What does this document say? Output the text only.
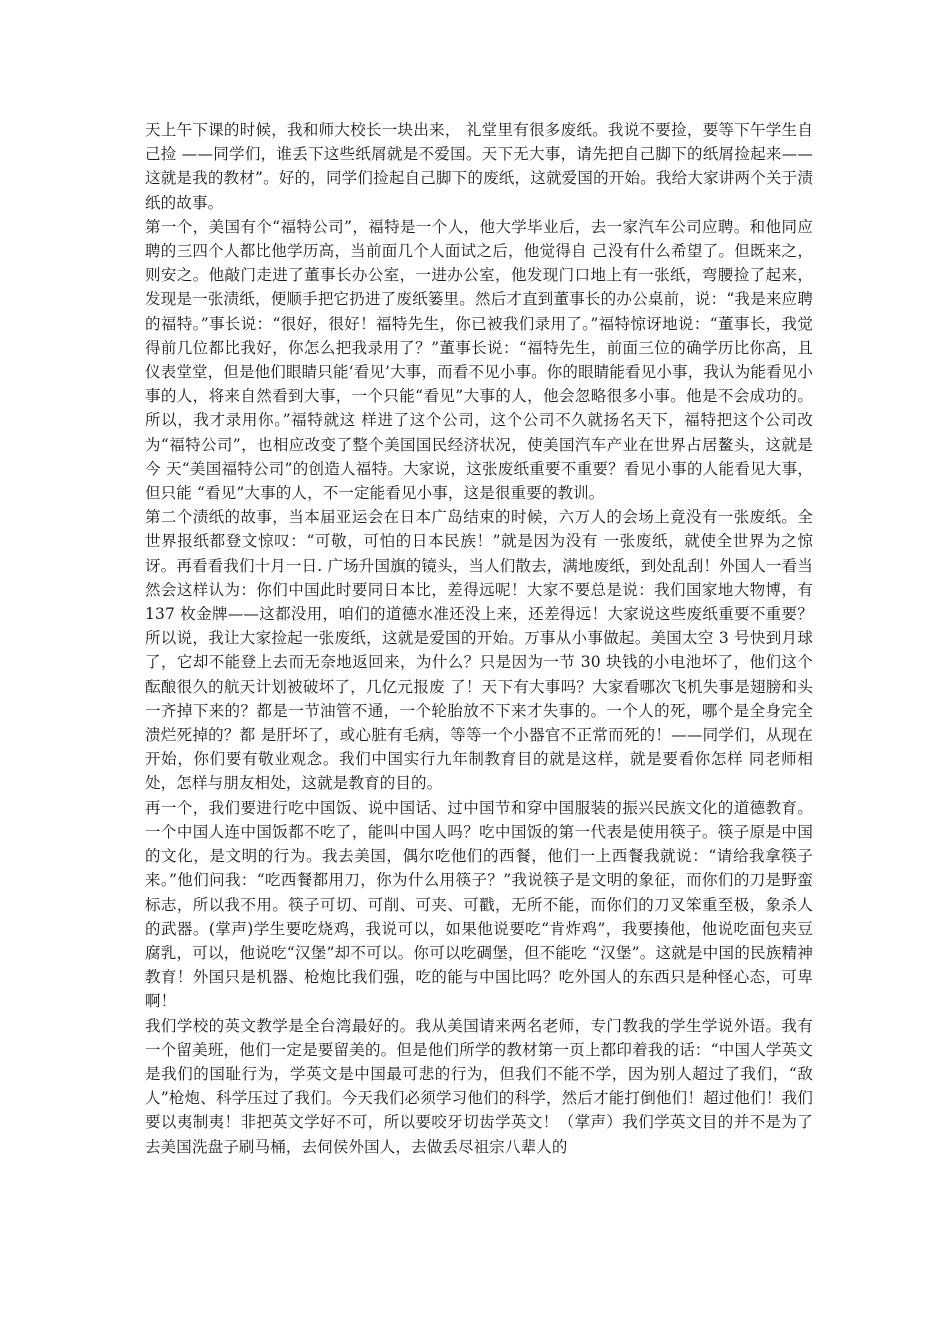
天上午下课的时候，我和师大校长一块出来， 礼堂里有很多废纸。我说不要捡，要等下午学生自己捡 ——同学们，谁丢下这些纸屑就是不爱国。天下无大事，请先把自己脚下的纸屑捡起来——这就是我的教材”。好的，同学们捡起自己脚下的废纸，这就爱国的开始。我给大家讲两个关于渍纸的故事。

第一个，美国有个“福特公司”，福特是一个人，他大学毕业后，去一家汽车公司应聘。和他同应聘的三四个人都比他学历高，当前面几个人面试之后，他觉得自 己没有什么希望了。但既来之，则安之。他敲门走进了董事长办公室，一进办公室，他发现门口地上有一张纸，弯腰捡了起来，发现是一张渍纸，便顺手把它扔进了废纸篓里。然后才直到董事长的办公桌前，说：“我是来应聘的福特。”事长说：“很好，很好！福特先生，你已被我们录用了。”福特惊讶地说：“董事长，我觉 得前几位都比我好，你怎么把我录用了？”董事长说：“福特先生，前面三位的确学历比你高，且仪表堂堂，但是他们眼睛只能‘看见’大事，而看不见小事。你的眼睛能看见小事，我认为能看见小事的人，将来自然看到大事，一个只能“看见”大事的人，他会忽略很多小事。他是不会成功的。所以，我才录用你。”福特就这 样进了这个公司，这个公司不久就扬名天下，福特把这个公司改为“福特公司”，也相应改变了整个美国国民经济状况，使美国汽车产业在世界占居鳌头，这就是今 天“美国福特公司”的创造人福特。大家说，这张废纸重要不重要？看见小事的人能看见大事，但只能 “看见”大事的人，不一定能看见小事，这是很重要的教训。

第二个渍纸的故事，当本届亚运会在日本广岛结束的时候，六万人的会场上竟没有一张废纸。全世界报纸都登文惊叹：“可敬，可怕的日本民族！”就是因为没有 一张废纸，就使全世界为之惊讶。再看看我们十月一日. 广场升国旗的镜头，当人们散去，满地废纸，到处乱刮！外国人一看当然会这样认为：你们中国此时要同日本比，差得远呢！大家不要总是说：我们国家地大物博，有 137 枚金牌——这都没用，咱们的道德水准还没上来，还差得远！大家说这些废纸重要不重要？所以说，我让大家捡起一张废纸，这就是爱国的开始。万事从小事做起。美国太空 3 号快到月球了，它却不能登上去而无奈地返回来，为什么？只是因为一节 30 块钱的小电池坏了，他们这个酝酿很久的航天计划被破坏了，几亿元报废 了！天下有大事吗？大家看哪次飞机失事是翅膀和头一齐掉下来的？都是一节油管不通，一个轮胎放不下来才失事的。一个人的死，哪个是全身完全溃烂死掉的？都 是肝坏了，或心脏有毛病，等等一个小器官不正常而死的！——同学们，从现在开始，你们要有敬业观念。我们中国实行九年制教育目的就是这样，就是要看你怎样 同老师相处，怎样与朋友相处，这就是教育的目的。

再一个，我们要进行吃中国饭、说中国话、过中国节和穿中国服装的振兴民族文化的道德教育。一个中国人连中国饭都不吃了，能叫中国人吗？吃中国饭的第一代表是使用筷子。筷子原是中国的文化，是文明的行为。我去美国，偶尔吃他们的西餐，他们一上西餐我就说：“请给我拿筷子来。”他们问我：“吃西餐都用刀，你为什么用筷子？”我说筷子是文明的象征，而你们的刀是野蛮标志，所以我不用。筷子可切、可削、可夹、可戳，无所不能，而你们的刀叉笨重至极，象杀人的武器。(掌声)学生要吃烧鸡，我说可以，如果他说要吃“肯炸鸡”，我要揍他，他说吃面包夹豆腐乳，可以，他说吃“汉堡”却不可以。你可以吃碉堡，但不能吃 “汉堡”。这就是中国的民族精神教育！外国只是机器、枪炮比我们强，吃的能与中国比吗？吃外国人的东西只是种怪心态，可卑啊！

我们学校的英文教学是全台湾最好的。我从美国请来两名老师，专门教我的学生学说外语。我有一个留美班，他们一定是要留美的。但是他们所学的教材第一页上都印着我的话：“中国人学英文是我们的国耻行为，学英文是中国最可悲的行为，但我们不能不学，因为别人超过了我们，“敌人”枪炮、科学压过了我们。今天我们必须学习他们的科学，然后才能打倒他们！超过他们！我们要以夷制夷！非把英文学好不可，所以要咬牙切齿学英文！（掌声）我们学英文目的并不是为了去美国洗盘子刷马桶，去伺侯外国人，去做丢尽祖宗八辈人的
